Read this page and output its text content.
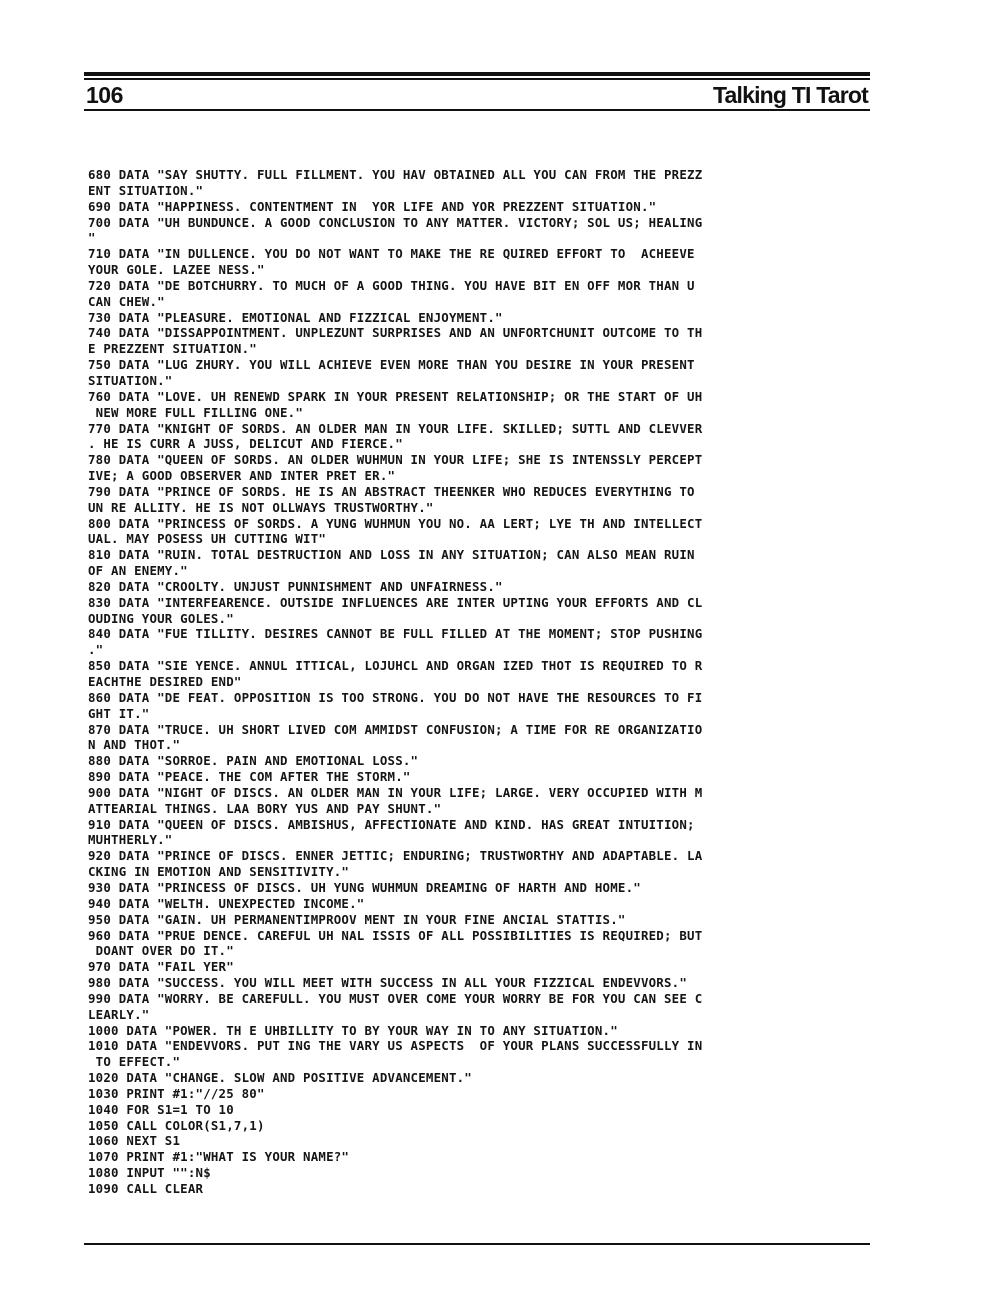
106	Talking TI Tarot
680 DATA "SAY SHUTTY. FULL FILLMENT. YOU HAV OBTAINED ALL YOU CAN FROM THE PREZZ
ENT SITUATION."
690 DATA "HAPPINESS. CONTENTMENT IN  YOR LIFE AND YOR PREZZENT SITUATION."
700 DATA "UH BUNDUNCE. A GOOD CONCLUSION TO ANY MATTER. VICTORY; SOL US; HEALING
"
710 DATA "IN DULLENCE. YOU DO NOT WANT TO MAKE THE RE QUIRED EFFORT TO  ACHEEVE
YOUR GOLE. LAZEE NESS."
720 DATA "DE BOTCHURRY. TO MUCH OF A GOOD THING. YOU HAVE BIT EN OFF MOR THAN U
CAN CHEW."
730 DATA "PLEASURE. EMOTIONAL AND FIZZICAL ENJOYMENT."
740 DATA "DISSAPPOINTMENT. UNPLEZUNT SURPRISES AND AN UNFORTCHUNIT OUTCOME TO TH
E PREZZENT SITUATION."
750 DATA "LUG ZHURY. YOU WILL ACHIEVE EVEN MORE THAN YOU DESIRE IN YOUR PRESENT
SITUATION."
760 DATA "LOVE. UH RENEWD SPARK IN YOUR PRESENT RELATIONSHIP; OR THE START OF UH
NEW MORE FULL FILLING ONE."
770 DATA "KNIGHT OF SORDS. AN OLDER MAN IN YOUR LIFE. SKILLED; SUTTL AND CLEVVER
. HE IS CURR A JUSS, DELICUT AND FIERCE."
780 DATA "QUEEN OF SORDS. AN OLDER WUHMUN IN YOUR LIFE; SHE IS INTENSSLY PERCEPT
IVE; A GOOD OBSERVER AND INTER PRET ER."
790 DATA "PRINCE OF SORDS. HE IS AN ABSTRACT THEENKER WHO REDUCES EVERYTHING TO
UN RE ALLITY. HE IS NOT OLLWAYS TRUSTWORTHY."
800 DATA "PRINCESS OF SORDS. A YUNG WUHMUN YOU NO. AA LERT; LYE TH AND INTELLECT
UAL. MAY POSESS UH CUTTING WIT"
810 DATA "RUIN. TOTAL DESTRUCTION AND LOSS IN ANY SITUATION; CAN ALSO MEAN RUIN
OF AN ENEMY."
820 DATA "CROOLTY. UNJUST PUNNISHMENT AND UNFAIRNESS."
830 DATA "INTERFEARENCE. OUTSIDE INFLUENCES ARE INTER UPTING YOUR EFFORTS AND CL
OUDING YOUR GOLES."
840 DATA "FUE TILLITY. DESIRES CANNOT BE FULL FILLED AT THE MOMENT; STOP PUSHING
."
850 DATA "SIE YENCE. ANNUL ITTICAL, LOJUHCL AND ORGAN IZED THOT IS REQUIRED TO R
EACHTHE DESIRED END"
860 DATA "DE FEAT. OPPOSITION IS TOO STRONG. YOU DO NOT HAVE THE RESOURCES TO FI
GHT IT."
870 DATA "TRUCE. UH SHORT LIVED COM AMMIDST CONFUSION; A TIME FOR RE ORGANIZATIO
N AND THOT."
880 DATA "SORROE. PAIN AND EMOTIONAL LOSS."
890 DATA "PEACE. THE COM AFTER THE STORM."
900 DATA "NIGHT OF DISCS. AN OLDER MAN IN YOUR LIFE; LARGE. VERY OCCUPIED WITH M
ATTEARIAL THINGS. LAA BORY YUS AND PAY SHUNT."
910 DATA "QUEEN OF DISCS. AMBISHUS, AFFECTIONATE AND KIND. HAS GREAT INTUITION;
MUHTHERLY."
920 DATA "PRINCE OF DISCS. ENNER JETTIC; ENDURING; TRUSTWORTHY AND ADAPTABLE. LA
CKING IN EMOTION AND SENSITIVITY."
930 DATA "PRINCESS OF DISCS. UH YUNG WUHMUN DREAMING OF HARTH AND HOME."
940 DATA "WELTH. UNEXPECTED INCOME."
950 DATA "GAIN. UH PERMANENTIMPROOV MENT IN YOUR FINE ANCIAL STATTIS."
960 DATA "PRUE DENCE. CAREFUL UH NAL ISSIS OF ALL POSSIBILITIES IS REQUIRED; BUT
DOANT OVER DO IT."
970 DATA "FAIL YER"
980 DATA "SUCCESS. YOU WILL MEET WITH SUCCESS IN ALL YOUR FIZZICAL ENDEVVORS."
990 DATA "WORRY. BE CAREFULL. YOU MUST OVER COME YOUR WORRY BE FOR YOU CAN SEE C
LEARLY."
1000 DATA "POWER. TH E UHBILLITY TO BY YOUR WAY IN TO ANY SITUATION."
1010 DATA "ENDEVVORS. PUT ING THE VARY US ASPECTS  OF YOUR PLANS SUCCESSFULLY IN
TO EFFECT."
1020 DATA "CHANGE. SLOW AND POSITIVE ADVANCEMENT."
1030 PRINT #1:"//25 80"
1040 FOR S1=1 TO 10
1050 CALL COLOR(S1,7,1)
1060 NEXT S1
1070 PRINT #1:"WHAT IS YOUR NAME?"
1080 INPUT "":N$
1090 CALL CLEAR
